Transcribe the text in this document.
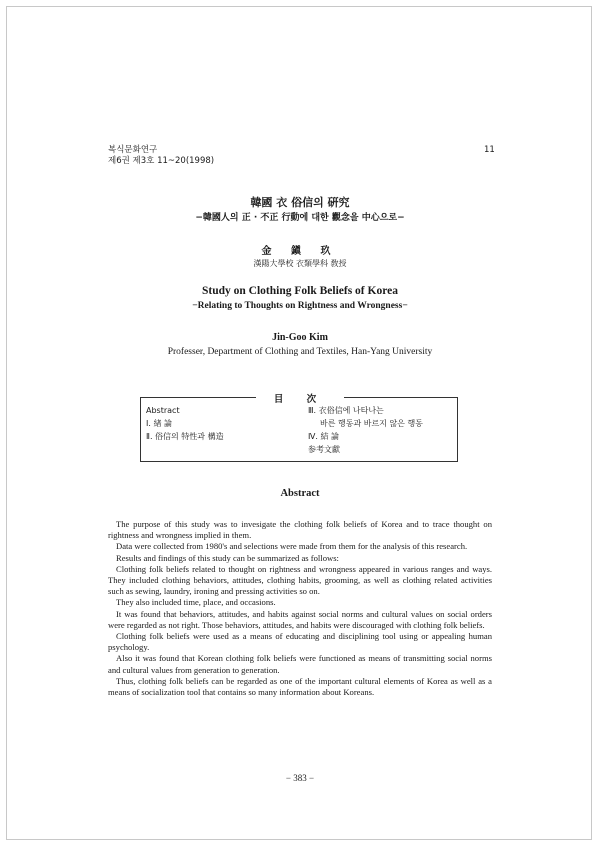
복식문화연구
제6권 제3호 11~20(1998)
11
韓國 衣 俗信의 硏究
−韓國人의 正 · 不正 行動에 대한 觀念을 中心으로−
金 鎭 玖
漢陽大學校 衣類學科 敎授
Study on Clothing Folk Beliefs of Korea
−Relating to Thoughts on Rightness and Wrongness−
Jin-Goo Kim
Professer, Department of Clothing and Textiles, Han-Yang University
目 次
Abstract
Ⅰ. 緖 論
Ⅱ. 俗信의 特性과 構造
Ⅲ. 衣俗信에 나타나는
바른 행동과 바르지 않은 행동
Ⅳ. 結 論
参考文獻
Abstract

The purpose of this study was to invesigate the clothing folk beliefs of Korea and to trace thought on rightness and wrongness implied in them.

Data were collected from 1980's and selections were made from them for the analysis of this research.

Results and findings of this study can be summarized as follows:

Clothing folk beliefs related to thought on rightness and wrongness appeared in various ranges and ways. They included clothing behaviors, attitudes, clothing habits, grooming, as well as clothing related activities such as sewing, laundry, ironing and pressing activities so on.

They also included time, place, and occasions.

It was found that behaviors, attitudes, and habits against social norms and cultural values on social orders were regarded as not right. Those behaviors, attitudes, and habits were discouraged with clothing folk beliefs.

Clothing folk beliefs were used as a means of educating and disciplining tool using or appealing human psychology.

Also it was found that Korean clothing folk beliefs were functioned as means of transmitting social norms and cultural values from generation to generation.

Thus, clothing folk beliefs can be regarded as one of the important cultural elements of Korea as well as a means of socialization tool that contains so many information about Koreans.

− 383 −
